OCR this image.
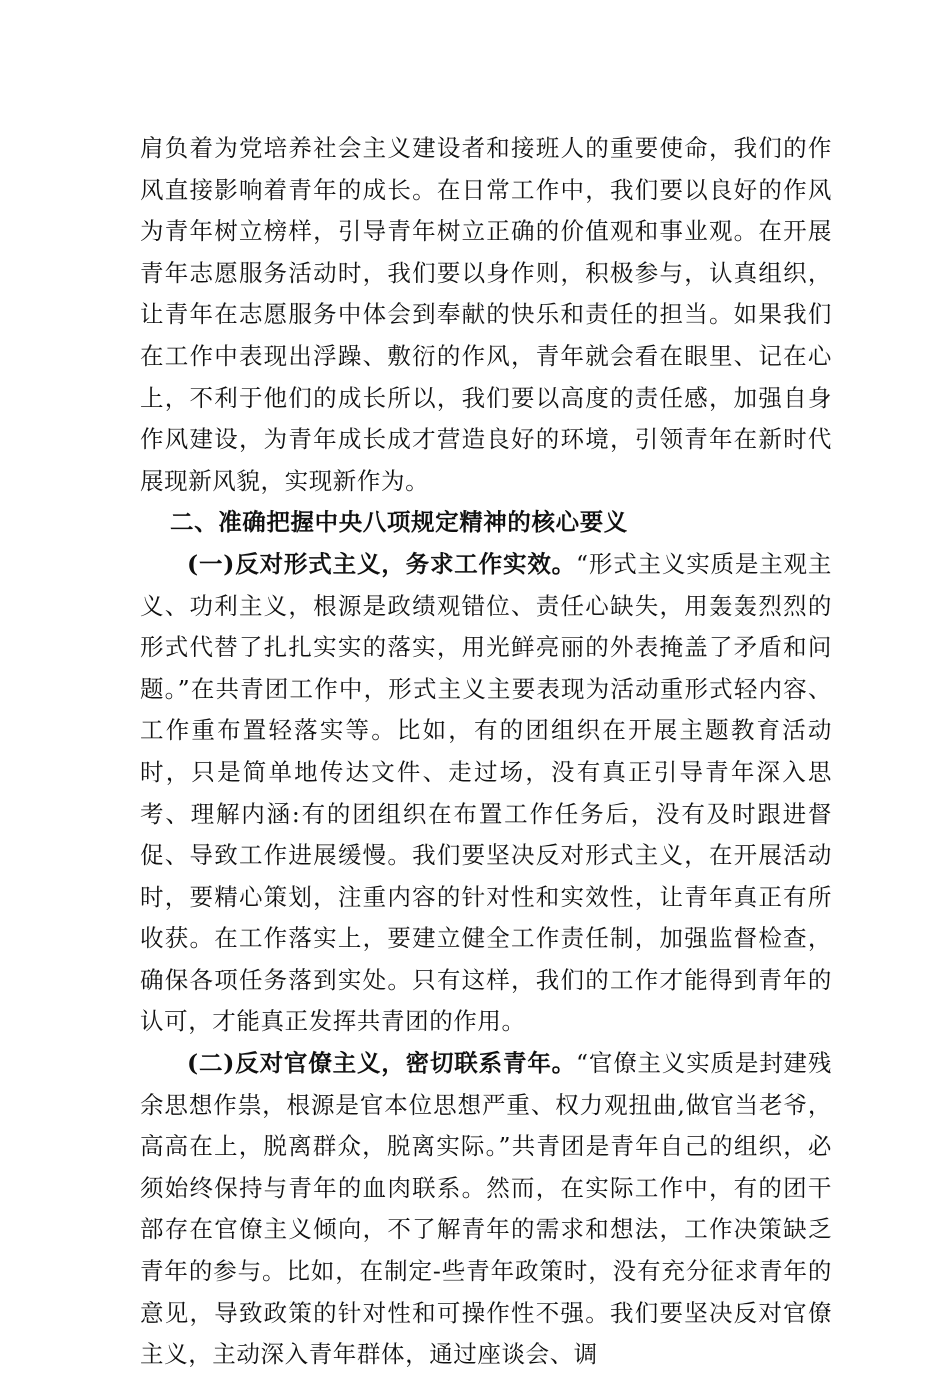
肩负着为党培养社会主义建设者和接班人的重要使命，我们的作风直接影响着青年的成长。在日常工作中，我们要以良好的作风为青年树立榜样，引导青年树立正确的价值观和事业观。在开展青年志愿服务活动时，我们要以身作则，积极参与，认真组织，让青年在志愿服务中体会到奉献的快乐和责任的担当。如果我们在工作中表现出浮躁、敷衍的作风，青年就会看在眼里、记在心上，不利于他们的成长所以，我们要以高度的责任感，加强自身作风建设，为青年成长成才营造良好的环境，引领青年在新时代展现新风貌，实现新作为。

二、准确把握中央八项规定精神的核心要义

(一)反对形式主义，务求工作实效。“形式主义实质是主观主义、功利主义，根源是政绩观错位、责任心缺失，用轰轰烈烈的形式代替了扎扎实实的落实，用光鲜亮丽的外表掩盖了矛盾和问题。”在共青团工作中，形式主义主要表现为活动重形式轻内容、工作重布置轻落实等。比如，有的团组织在开展主题教育活动时，只是简单地传达文件、走过场，没有真正引导青年深入思考、理解内涵:有的团组织在布置工作任务后，没有及时跟进督促、导致工作进展缓慢。我们要坚决反对形式主义，在开展活动时，要精心策划，注重内容的针对性和实效性，让青年真正有所收获。在工作落实上，要建立健全工作责任制，加强监督检查，确保各项任务落到实处。只有这样，我们的工作才能得到青年的认可，才能真正发挥共青团的作用。

(二)反对官僚主义，密切联系青年。“官僚主义实质是封建残余思想作祟，根源是官本位思想严重、权力观扭曲,做官当老爷，高高在上，脱离群众，脱离实际。”共青团是青年自己的组织，必须始终保持与青年的血肉联系。然而，在实际工作中，有的团干部存在官僚主义倾向，不了解青年的需求和想法，工作决策缺乏青年的参与。比如，在制定-些青年政策时，没有充分征求青年的意见，导致政策的针对性和可操作性不强。我们要坚决反对官僚主义，主动深入青年群体，通过座谈会、调
